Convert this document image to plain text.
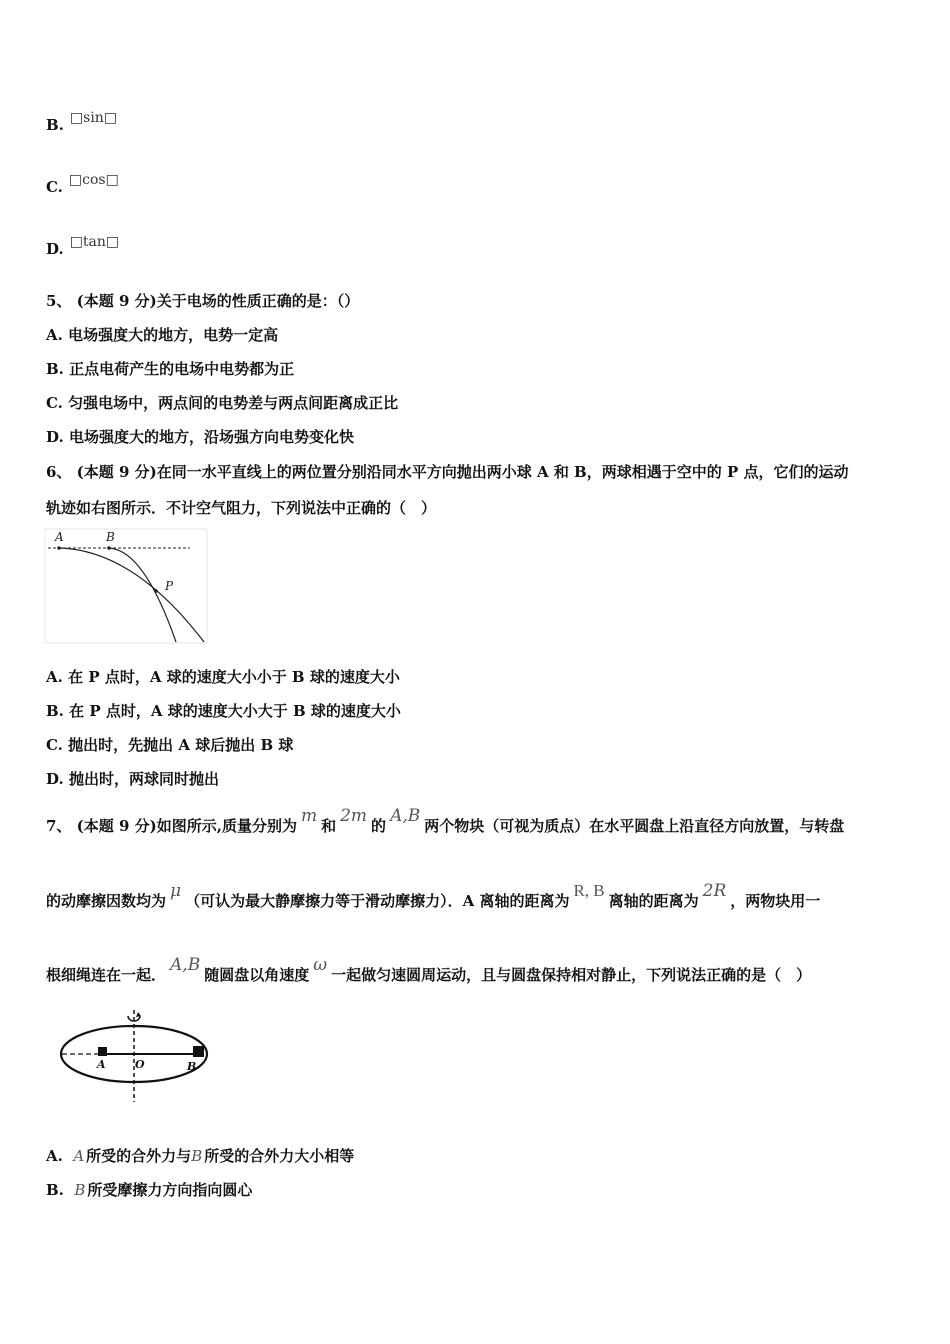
B. □sin□
C. □cos□
D. □tan□
5、 (本题 9 分)关于电场的性质正确的是：（）
A. 电场强度大的地方，电势一定高
B. 正点电荷产生的电场中电势都为正
C. 匀强电场中，两点间的电势差与两点间距离成正比
D. 电场强度大的地方，沿场强方向电势变化快
6、 (本题 9 分)在同一水平直线上的两位置分别沿同水平方向抛出两小球 A 和 B，两球相遇于空中的 P 点，它们的运动
轨迹如右图所示．不计空气阻力，下列说法中正确的（　）
A	B
P
A. 在 P 点时，A 球的速度大小小于 B 球的速度大小
B. 在 P 点时，A 球的速度大小大于 B 球的速度大小
C. 抛出时，先抛出 A 球后抛出 B 球
D. 抛出时，两球同时抛出
7、 (本题 9 分)如图所示,质量分别为 m 和 2m 的 A,B 两个物块（可视为质点）在水平圆盘上沿直径方向放置，与转盘
的动摩擦因数均为 μ （可认为最大静摩擦力等于滑动摩擦力）．A 离轴的距离为R, B离轴的距离为 2R ，两物块用一
根细绳连在一起． A,B 随圆盘以角速度 ω 一起做匀速圆周运动，且与圆盘保持相对静止，下列说法正确的是（　）
A	O	B
A. A 所受的合外力与B 所受的合外力大小相等
B. B 所受摩擦力方向指向圆心
